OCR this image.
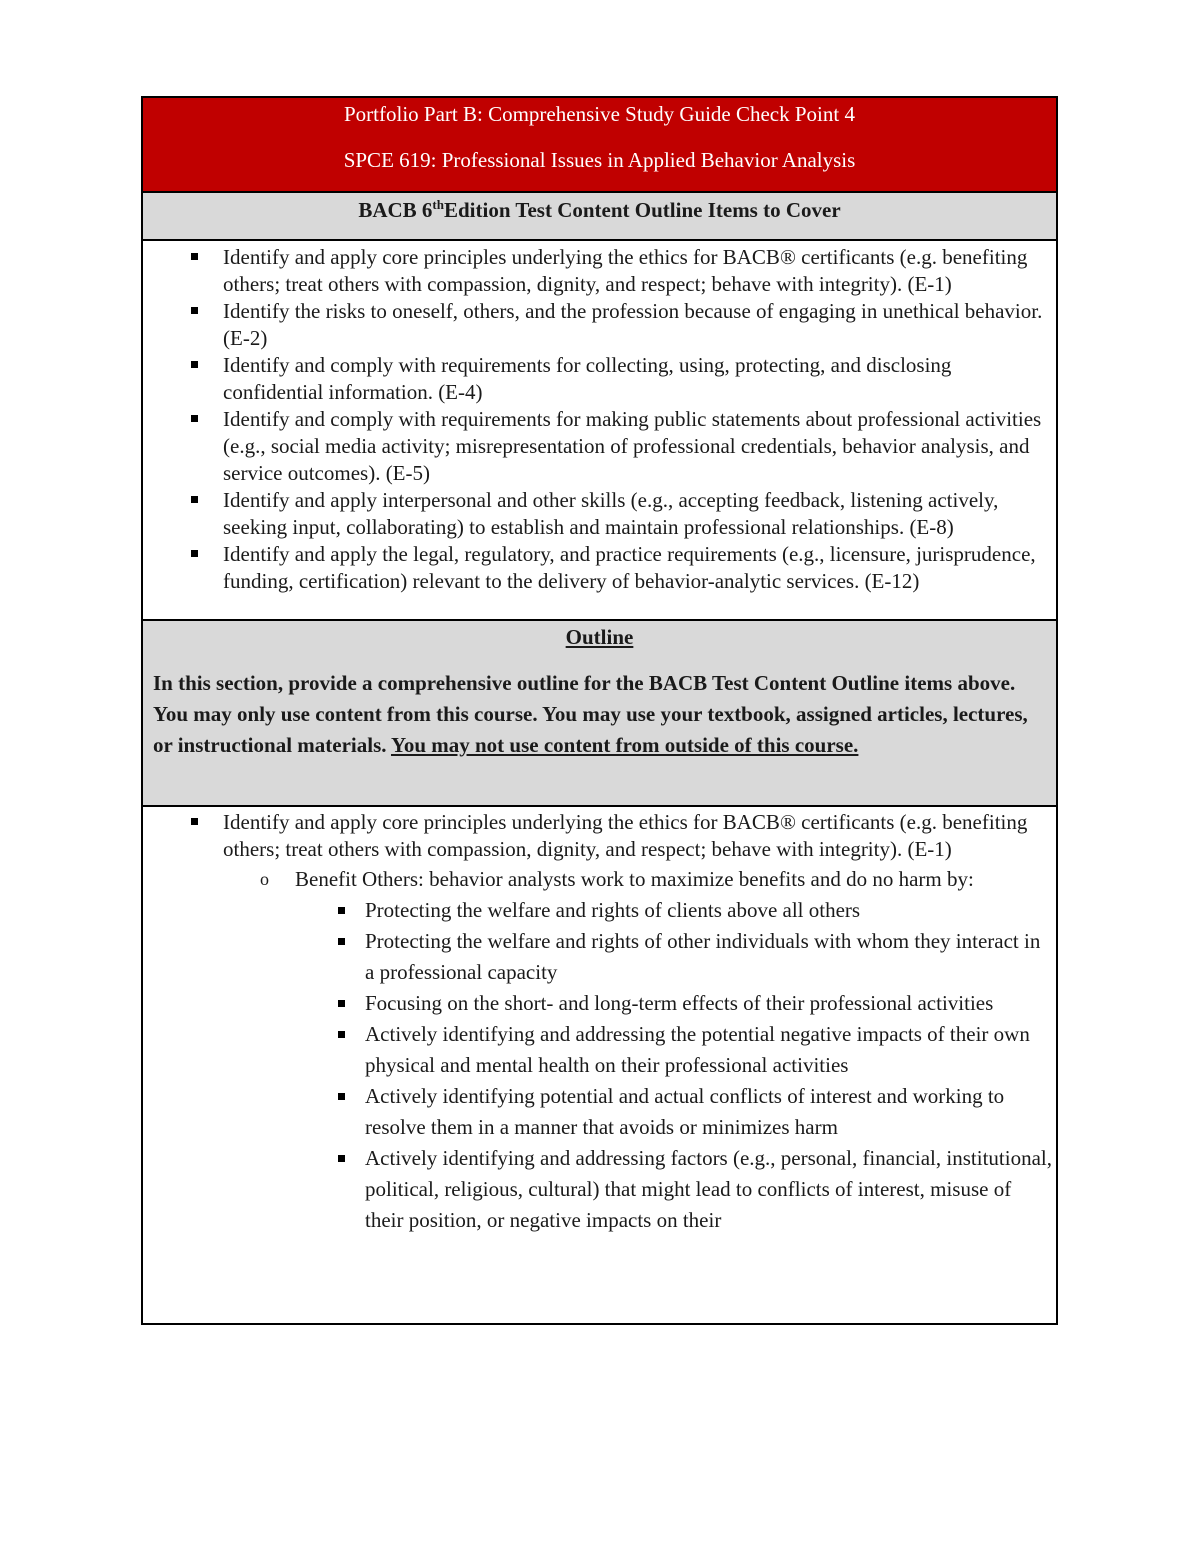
Portfolio Part B: Comprehensive Study Guide Check Point 4

SPCE 619: Professional Issues in Applied Behavior Analysis

BACB 6thEdition Test Content Outline Items to Cover

Identify and apply core principles underlying the ethics for BACB® certificants (e.g. benefiting others; treat others with compassion, dignity, and respect; behave with integrity). (E-1)
Identify the risks to oneself, others, and the profession because of engaging in unethical behavior. (E-2)
Identify and comply with requirements for collecting, using, protecting, and disclosing confidential information. (E-4)
Identify and comply with requirements for making public statements about professional activities (e.g., social media activity; misrepresentation of professional credentials, behavior analysis, and service outcomes). (E-5)
Identify and apply interpersonal and other skills (e.g., accepting feedback, listening actively, seeking input, collaborating) to establish and maintain professional relationships. (E-8)
Identify and apply the legal, regulatory, and practice requirements (e.g., licensure, jurisprudence, funding, certification) relevant to the delivery of behavior-analytic services. (E-12)

Outline
In this section, provide a comprehensive outline for the BACB Test Content Outline items above. You may only use content from this course. You may use your textbook, assigned articles, lectures, or instructional materials. You may not use content from outside of this course.

Identify and apply core principles underlying the ethics for BACB® certificants (e.g. benefiting others; treat others with compassion, dignity, and respect; behave with integrity). (E-1)
o Benefit Others: behavior analysts work to maximize benefits and do no harm by:
Protecting the welfare and rights of clients above all others
Protecting the welfare and rights of other individuals with whom they interact in a professional capacity
Focusing on the short- and long-term effects of their professional activities
Actively identifying and addressing the potential negative impacts of their own physical and mental health on their professional activities
Actively identifying potential and actual conflicts of interest and working to resolve them in a manner that avoids or minimizes harm
Actively identifying and addressing factors (e.g., personal, financial, institutional, political, religious, cultural) that might lead to conflicts of interest, misuse of their position, or negative impacts on their
